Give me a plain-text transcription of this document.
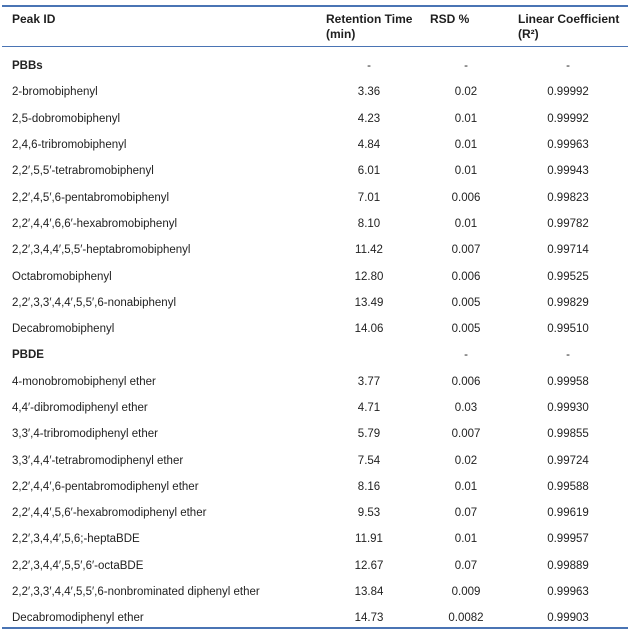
Peak ID	Retention Time (min)	RSD %	Linear Coefficient (R²)
PBBs	-	-	-
2-bromobiphenyl	3.36	0.02	0.99992
2,5-dobromobiphenyl	4.23	0.01	0.99992
2,4,6-tribromobiphenyl	4.84	0.01	0.99963
2,2′,5,5′-tetrabromobiphenyl	6.01	0.01	0.99943
2,2′,4,5′,6-pentabromobiphenyl	7.01	0.006	0.99823
2,2′,4,4′,6,6′-hexabromobiphenyl	8.10	0.01	0.99782
2,2′,3,4,4′,5,5′-heptabromobiphenyl	11.42	0.007	0.99714
Octabromobiphenyl	12.80	0.006	0.99525
2,2′,3,3′,4,4′,5,5′,6-nonabiphenyl	13.49	0.005	0.99829
Decabromobiphenyl	14.06	0.005	0.99510
PBDE		-	-
4-monobromobiphenyl ether	3.77	0.006	0.99958
4,4′-dibromodiphenyl ether	4.71	0.03	0.99930
3,3′,4-tribromodiphenyl ether	5.79	0.007	0.99855
3,3′,4,4′-tetrabromodiphenyl ether	7.54	0.02	0.99724
2,2′,4,4′,6-pentabromodiphenyl ether	8.16	0.01	0.99588
2,2′,4,4′,5,6′-hexabromodiphenyl ether	9.53	0.07	0.99619
2,2′,3,4,4′,5,6;-heptaBDE	11.91	0.01	0.99957
2,2′,3,4,4′,5,5′,6′-octaBDE	12.67	0.07	0.99889
2,2′,3,3′,4,4′,5,5′,6-nonbrominated diphenyl ether	13.84	0.009	0.99963
Decabromodiphenyl ether	14.73	0.0082	0.99903
